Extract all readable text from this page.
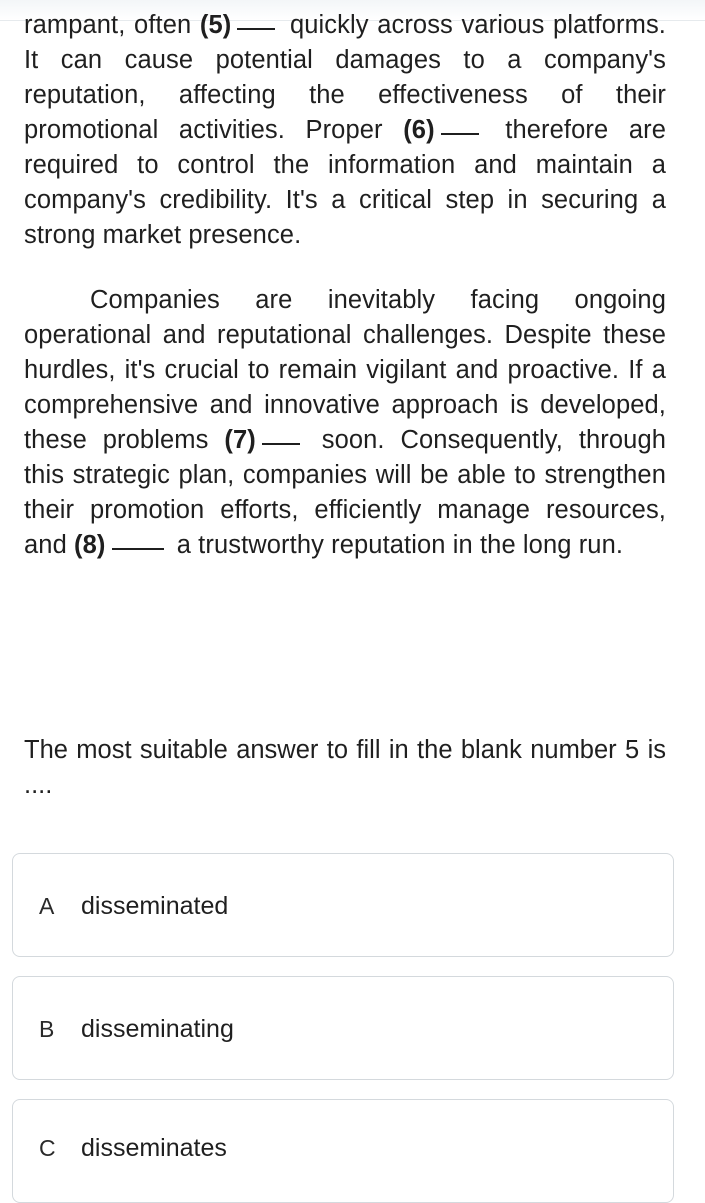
rampant, often (5) quickly across various platforms. It can cause potential damages to a company's reputation, affecting the effectiveness of their promotional activities. Proper (6)	therefore are required to control the information and maintain a company's credibility. It's a critical step in securing a strong market presence.

Companies are inevitably facing ongoing operational and reputational challenges. Despite these hurdles, it's crucial to remain vigilant and proactive. If a comprehensive and innovative approach is developed, these problems (7)	soon. Consequently, through this strategic plan, companies will be able to strengthen their promotion efforts, efficiently manage resources, and (8)	a trustworthy reputation in the long run.

The most suitable answer to fill in the blank number 5 is ....

A disseminated
B disseminating
C disseminates
